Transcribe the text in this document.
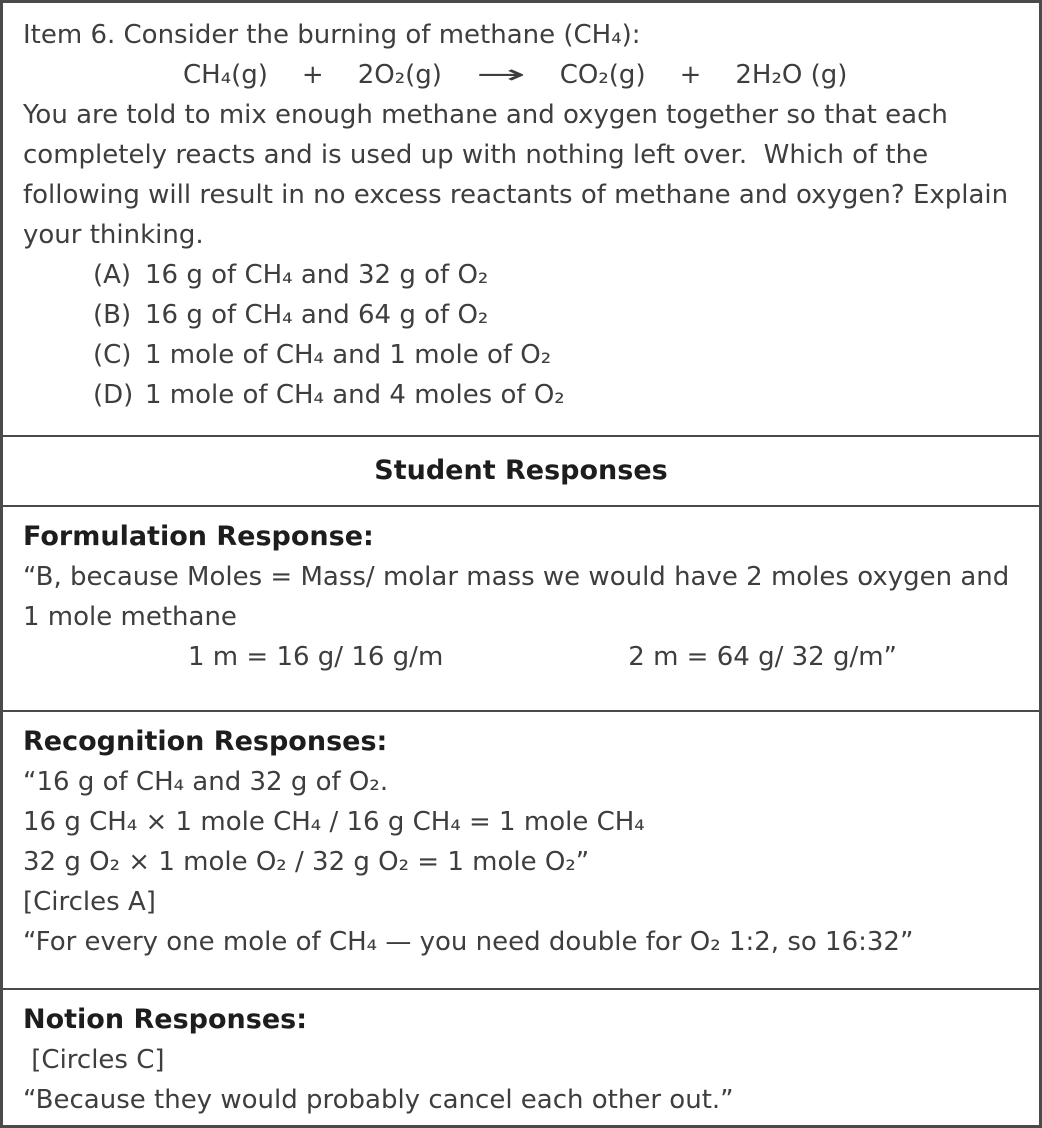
Item 6. Consider the burning of methane (CH₄):
CH₄(g) + 2O₂(g) → CO₂(g) + 2H₂O (g)
You are told to mix enough methane and oxygen together so that each completely reacts and is used up with nothing left over.  Which of the following will result in no excess reactants of methane and oxygen? Explain your thinking.
(A) 16 g of CH₄ and 32 g of O₂
(B) 16 g of CH₄ and 64 g of O₂
(C) 1 mole of CH₄ and 1 mole of O₂
(D) 1 mole of CH₄ and 4 moles of O₂
Student Responses
Formulation Response:
“B, because Moles = Mass/ molar mass we would have 2 moles oxygen and 1 mole methane
1 m = 16 g/ 16 g/m	2 m = 64 g/ 32 g/m”
Recognition Responses:
“16 g of CH₄ and 32 g of O₂.
16 g CH₄ × 1 mole CH₄ / 16 g CH₄ = 1 mole CH₄
32 g O₂ × 1 mole O₂ / 32 g O₂ = 1 mole O₂”
[Circles A]
“For every one mole of CH₄ — you need double for O₂ 1:2, so 16:32”
Notion Responses:
[Circles C]
“Because they would probably cancel each other out.”
